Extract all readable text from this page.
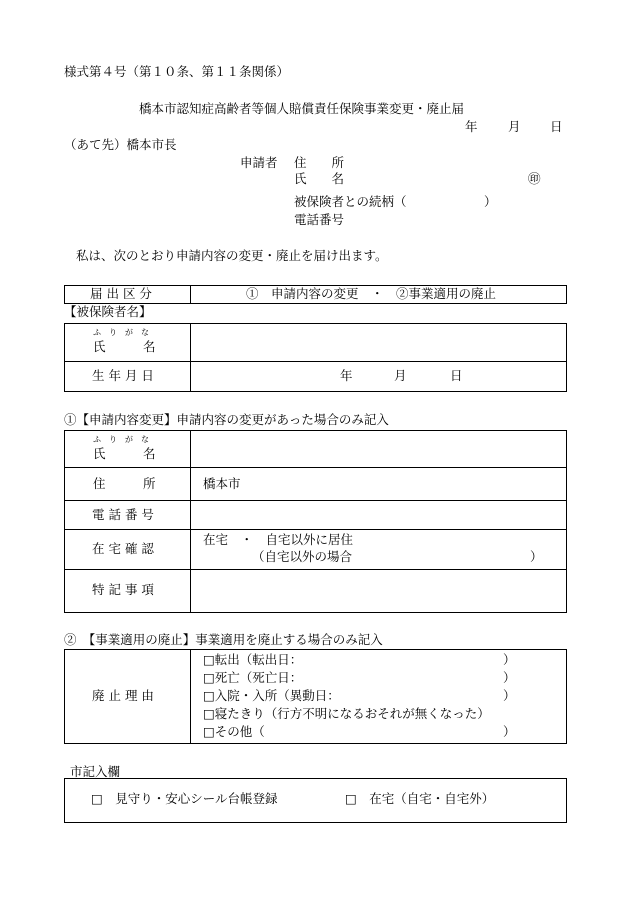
様式第４号（第１０条、第１１条関係）
橋本市認知症高齢者等個人賠償責任保険事業変更・廃止届
年 月 日
（あて先）橋本市長
申請者 住　　所
氏　　名	㊞
被保険者との続柄（	）
電話番号
私は、次のとおり申請内容の変更・廃止を届け出ます。
届 出 区 分	①　申請内容の変更　・　②事業適用の廃止
【被保険者名】
ふ　り　が　な
氏　　　名
生 年 月 日	年	月	日
①【申請内容変更】申請内容の変更があった場合のみ記入
ふ　り　が　な
氏　　　名
住　　　所	橋本市
電 話 番 号
在 宅 確 認
在宅　・　自宅以外に居住
（自宅以外の場合	）
特 記 事 項
②　【事業適用の廃止】事業適用を廃止する場合のみ記入
廃 止 理 由
□転出（転出日：	）
□死亡（死亡日：	）
□入院・入所（異動日：	）
□寝たきり（行方不明になるおそれが無くなった）
□その他（	）
市記入欄
□　見守り・安心シール台帳登録	□　在宅（自宅・自宅外）
